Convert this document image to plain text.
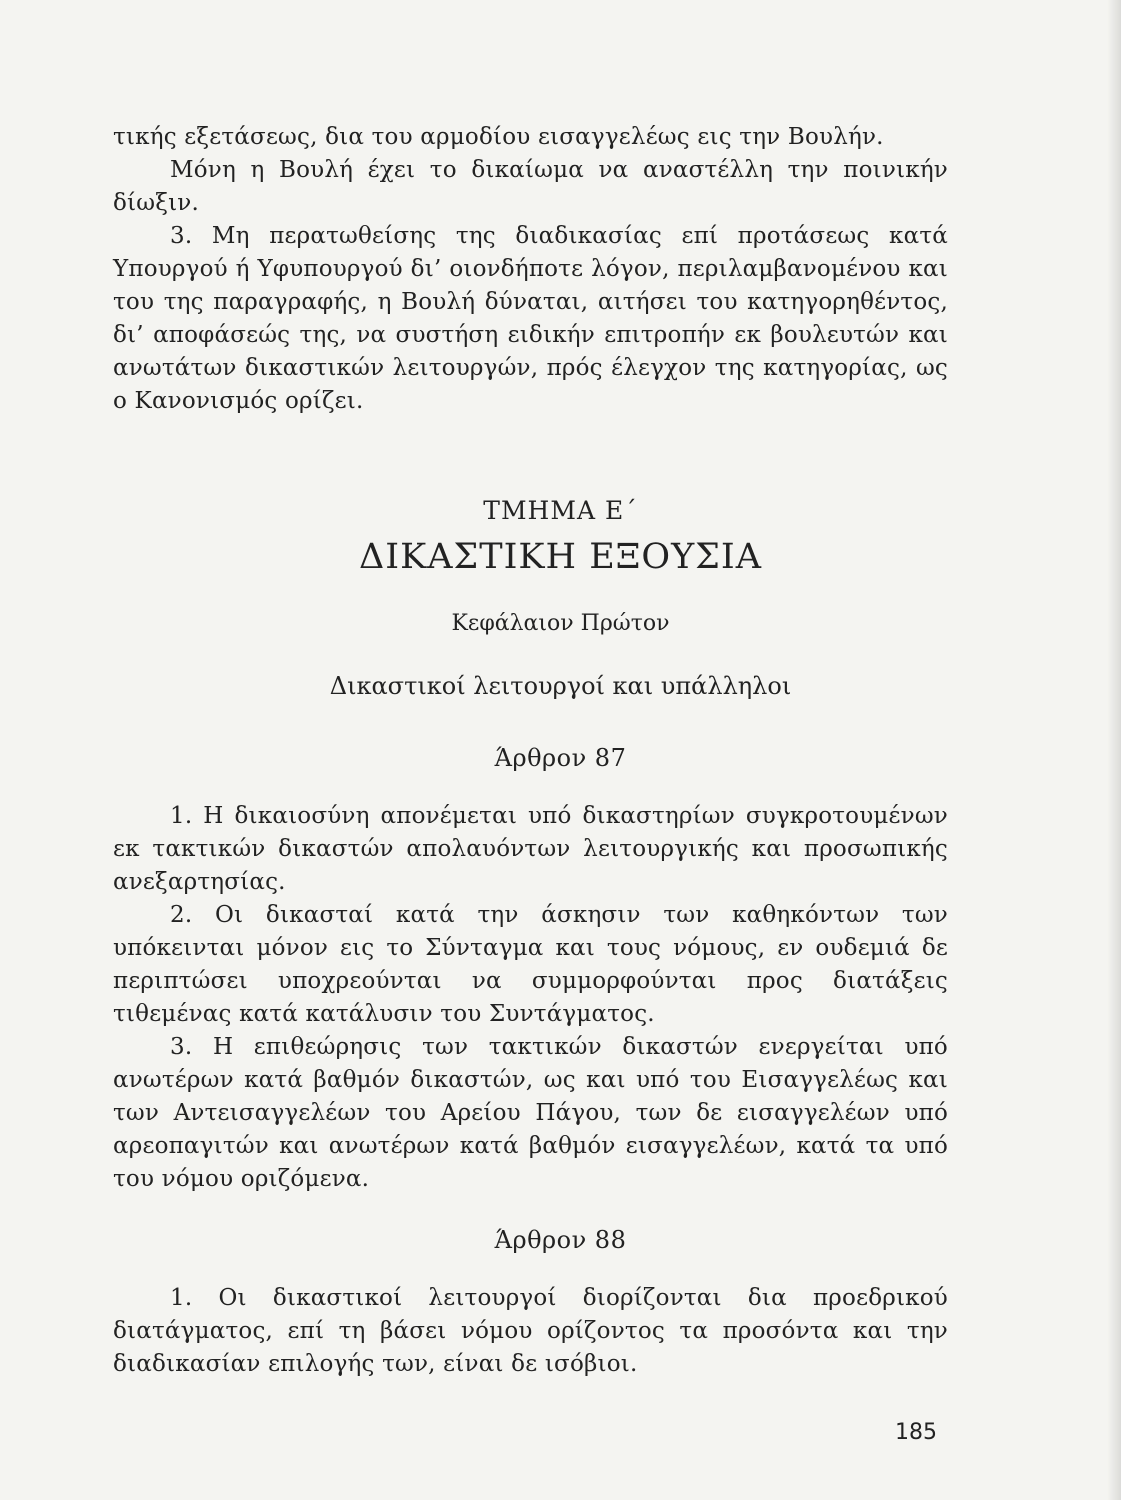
τικής εξετάσεως, δια του αρμοδίου εισαγγελέως εις την Βουλήν.

Μόνη η Βουλή έχει το δικαίωμα να αναστέλλη την ποινικήν δίωξιν.

3. Μη περατωθείσης της διαδικασίας επί προτάσεως κατά Υπουργού ή Υφυπουργού δι’ οιονδήποτε λόγον, περιλαμβανομένου και του της παραγραφής, η Βουλή δύναται, αιτήσει του κατηγορηθέντος, δι’ αποφάσεώς της, να συστήση ειδικήν επιτροπήν εκ βουλευτών και ανωτάτων δικαστικών λειτουργών, πρός έλεγχον της κατηγορίας, ως ο Κανονισμός ορίζει.

ΤΜΗΜΑ Ε΄
ΔΙΚΑΣΤΙΚΗ ΕΞΟΥΣΙΑ
Κεφάλαιον Πρώτον
Δικαστικοί λειτουργοί και υπάλληλοι
Άρθρον 87

1. Η δικαιοσύνη απονέμεται υπό δικαστηρίων συγκροτουμένων εκ τακτικών δικαστών απολαυόντων λειτουργικής και προσωπικής ανεξαρτησίας.

2. Οι δικασταί κατά την άσκησιν των καθηκόντων των υπόκεινται μόνον εις το Σύνταγμα και τους νόμους, εν ουδεμιά δε περιπτώσει υποχρεούνται να συμμορφούνται προς διατάξεις τιθεμένας κατά κατάλυσιν του Συντάγματος.

3. Η επιθεώρησις των τακτικών δικαστών ενεργείται υπό ανωτέρων κατά βαθμόν δικαστών, ως και υπό του Εισαγγελέως και των Αντεισαγγελέων του Αρείου Πάγου, των δε εισαγγελέων υπό αρεοπαγιτών και ανωτέρων κατά βαθμόν εισαγγελέων, κατά τα υπό του νόμου οριζόμενα.

Άρθρον 88

1. Οι δικαστικοί λειτουργοί διορίζονται δια προεδρικού διατάγματος, επί τη βάσει νόμου ορίζοντος τα προσόντα και την διαδικασίαν επιλογής των, είναι δε ισόβιοι.

185
